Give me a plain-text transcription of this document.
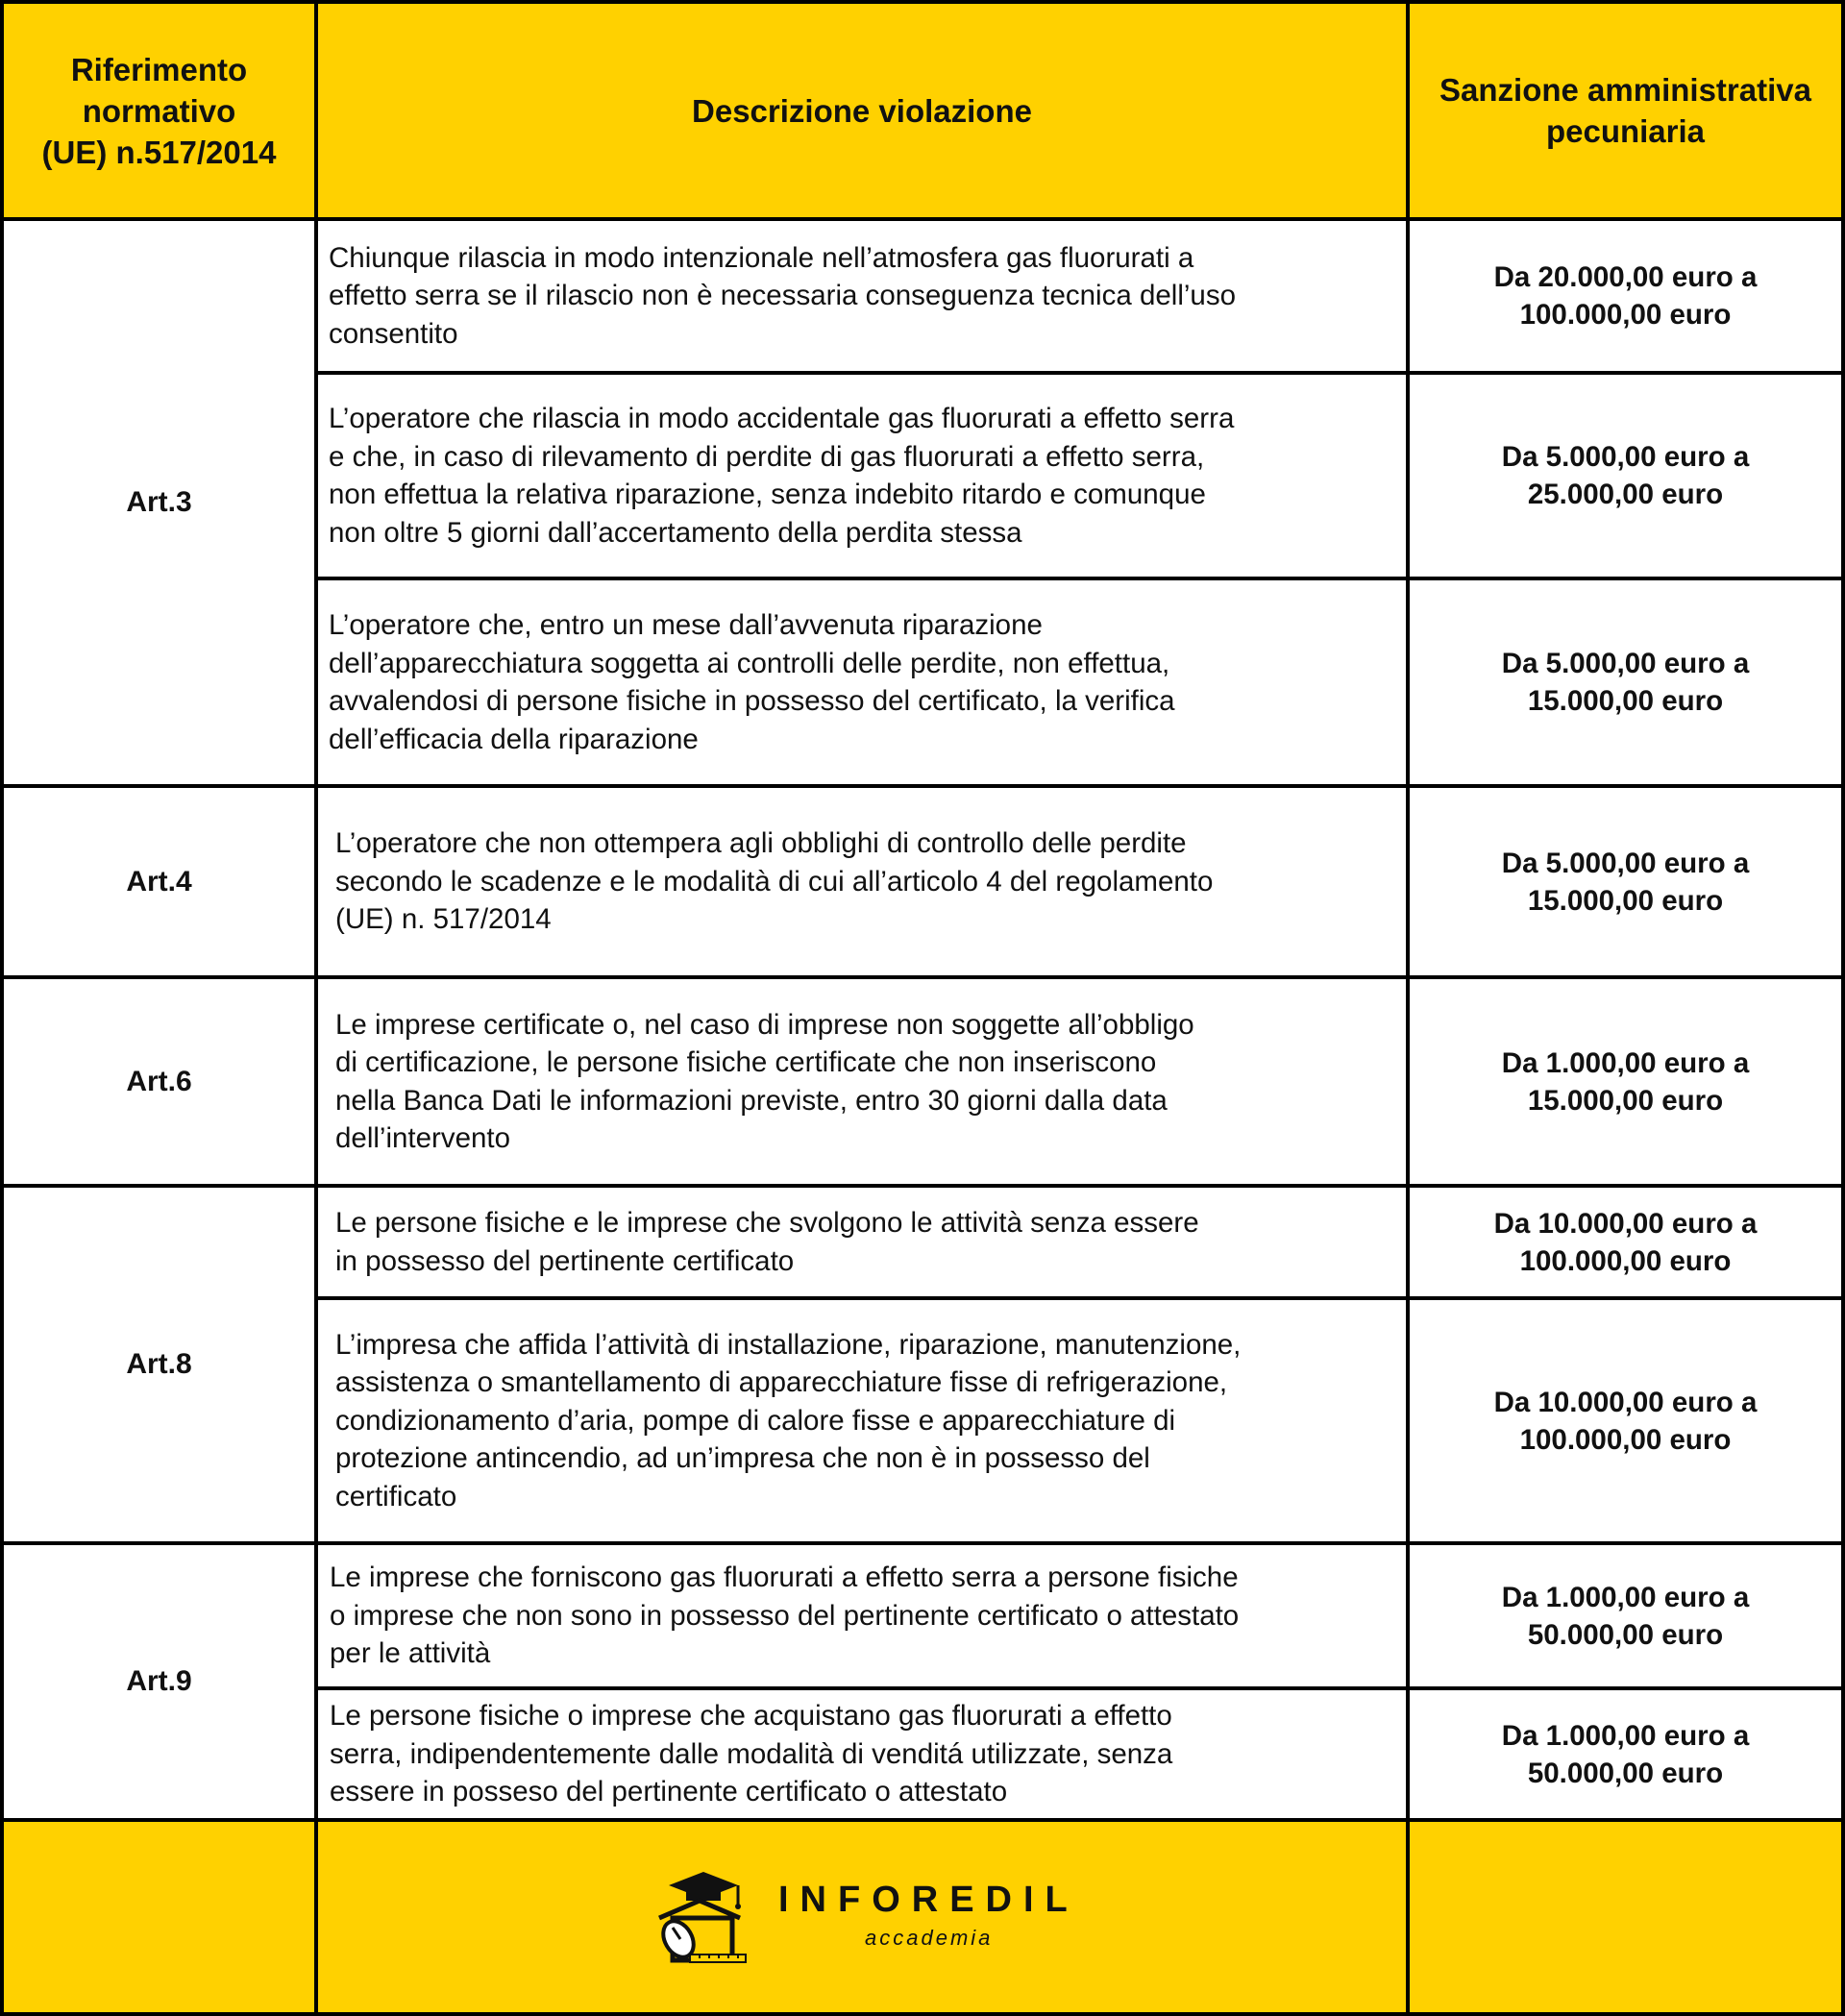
Riferimento
normativo
(UE) n.517/2014
Descrizione violazione
Sanzione amministrativa
pecuniaria
Art.3
Art.4
Art.6
Art.8
Art.9
Chiunque rilascia in modo intenzionale nell’atmosfera gas fluorurati a
effetto serra se il rilascio non è necessaria conseguenza tecnica dell’uso
consentito
Da 20.000,00 euro a
100.000,00 euro
L’operatore che rilascia in modo accidentale gas fluorurati a effetto serra
e che, in caso di rilevamento di perdite di gas fluorurati a effetto serra,
non effettua la relativa riparazione, senza indebito ritardo e comunque
non oltre 5 giorni dall’accertamento della perdita stessa
Da 5.000,00 euro a
25.000,00 euro
L’operatore che, entro un mese dall’avvenuta riparazione
dell’apparecchiatura soggetta ai controlli delle perdite, non effettua,
avvalendosi di persone fisiche in possesso del certificato, la verifica
dell’efficacia della riparazione
Da 5.000,00 euro a
15.000,00 euro
L’operatore che non ottempera agli obblighi di controllo delle perdite
secondo le scadenze e le modalità di cui all’articolo 4 del regolamento
(UE) n. 517/2014
Da 5.000,00 euro a
15.000,00 euro
Le imprese certificate o, nel caso di imprese non soggette all’obbligo
di certificazione, le persone fisiche certificate che non inseriscono
nella Banca Dati le informazioni previste, entro 30 giorni dalla data
dell’intervento
Da 1.000,00 euro a
15.000,00 euro
Le persone fisiche e le imprese che svolgono le attività senza essere
in possesso del pertinente certificato
Da 10.000,00 euro a
100.000,00 euro
L’impresa che affida l’attività di installazione, riparazione, manutenzione,
assistenza o smantellamento di apparecchiature fisse di refrigerazione,
condizionamento d’aria, pompe di calore fisse e apparecchiature di
protezione antincendio, ad un’impresa che non è in possesso del
certificato
Da 10.000,00 euro a
100.000,00 euro
Le imprese che forniscono gas fluorurati a effetto serra a persone fisiche
o imprese che non sono in possesso del pertinente certificato o attestato
per le attività
Da 1.000,00 euro a
50.000,00 euro
Le persone fisiche o imprese che acquistano gas fluorurati a effetto
serra, indipendentemente dalle modalità di venditá utilizzate, senza
essere in posseso del pertinente certificato o attestato
Da 1.000,00 euro a
50.000,00 euro
INFOREDIL
accademia
